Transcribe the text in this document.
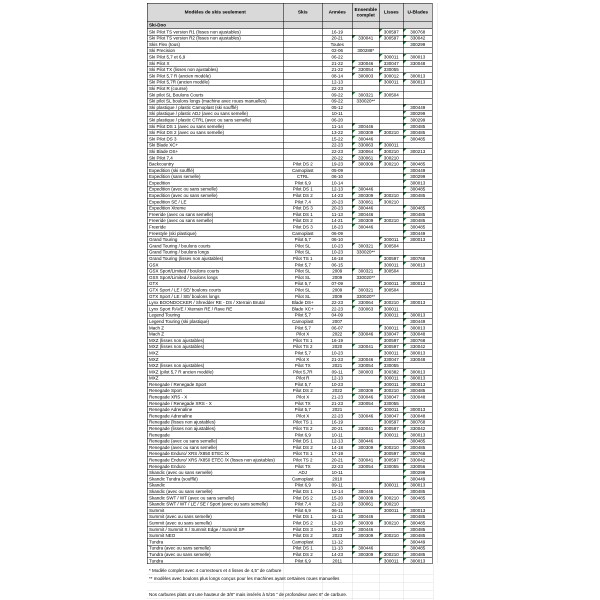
Modèles de skis seulement	Skis	Années	Ensemble complet	Lisses	U-Blades
Ski-Doo					
Ski Pilot TS version R1 (lisses non ajustables)		16-19		300597	300768
Ski Pilot TS version R2 (lisses non ajustables)		20-21	330041	300597	330042
Skis Flex (tous)		Toutes			300299
Ski Precision		02-06	300288*		
Ski Pilot 5,7 et 6,9		06-22		300011	300013
Ski Pilot X		21-22	330046	330047	330048
Ski Pilot TX (lisses non ajustables)		21-22	330054	330055	
Ski Pilot 5,7 R (ancien modèle)		08-14	300003	300012	300013
Ski Pilot 5,7R (ancien modèle)		12-13		300011	300013
Ski Pilot R (course)		22-23			
Ski pilot SL Boulons Courts		09-22	300321	300504	
Ski pilot SL boulons longs (machine avec roues manuelles)		09-22	330020**		
Ski plastique / plastic Camoplast (ski soufflé)		05-12			300449
Ski plastique / plastic ADJ (avec ou sans semelle)		10-11			300299
Ski plastique / plastic CTRL (avec ou sans semelle)		06-20			300299
Ski Pilot DS 1 (avec ou sans semelle)		11-14	300446		300485
Ski Pilot DS 2 (avec ou sans semelle)		13-22	300309	300210	300485
Ski Pilot DS 3		15-22	300446		300485
Ski Blade XC+		22-23	330063	300011	
Ski Blade DS+		22-23	330064	300210	300213
Ski Pilot 7,4		20-22	330061	300210	
Backcountry	Pilot DS 2	19-23	300309	300210	300485
Expedition (ski soufflé)	Camoplast	05-09			300449
Expedition (sans semelle)	CTRL	06-10			300299
Expedition	Pilot 6,9	10-14			300013
Expedition (avec ou sans semelle)	Pilot DS 1	12-13	300446		300485
Expedition (avec ou sans semelle)	Pilot DS 2	14-23	300309	300210	300485
Expedition SE / LE	Pilot 7,4	20-23	330061	300210	
Expedition Xtreme	Pilot DS 3	20-23	300446		300485
Freeride (avec ou sans semelle)	Pilot DS 1	11-13	300446		300485
Freeride (avec ou sans semelle)	Pilot DS 2	14-21	300309	300210	300485
Freeride	Pilot DS 3	18-23	300446		300485
Freestyle (ski plastique)	Camoplast	06-09			300449
Grand Touring	Pilot 5,7	06-10		300011	300013
Grand Touring / boulons courts	Pilot SL	10-23	300321	300504	
Grand Touring / boulons longs	Pilot SL	10-23	330020**		
Grand Touring (lisses non ajustables)	Pilot TS 1	16-18		300597	300768
GSX	Pilot 5,7	06-15		300011	300013
GSX Sport/Limited / boulons courts	Pilot SL	2009	300321	300504	
GSX Sport/Limited / boulons longs	Pilot SL	2009	330020**		
GTX	Pilot 5,7	07-09		300011	300013
GTX Sport / LE / SE/ boulons courts	Pilot SL	2009	300321	300504	
GTX Sport / LE / SE/ boulons longs	Pilot SL	2009	330020**		
Lynx BOONDOCKER / Shredder RE - DS / Xterrain Brutal	Blade DS+	22-23	330064	300210	300013
Lynx Sport RAVE / Xterrain RE / Rave RE	Blade XC+	22-23	330063	300011	
Legend Touring	Pilot 5,7	04-09		300011	300013
Legend Touring (ski plastique)	Camoplast	2007			300449
Mach Z	Pilot 5,7	06-07		300011	300013
Mach Z	Pilot X	2022	330046	330047	330048
MXZ (lisses non ajustables)	Pilot TS 1	16-19		300597	300768
MXZ (lisses non ajustables)	Pilot TS 2	2020	330041	300597	330042
MXZ	Pilot 5,7	10-23		300011	300013
MXZ	Pilot X	21-23	330046	330047	330048
MXZ (lisses non ajustables)	Pilot TX	2021	330054	330055	
MXZ (pilot 5,7 R ancien modèle)	Pilot 5,7R	09-11	300003	300382	300013
MXZ	Pilot R	12-13		300011	300013
Renegade / Renegade Sport	Pilot 5,7	10-23		300011	300013
Renegade Sport	Pilot DS 2	2022	300309	300210	300485
Renegade XRS - X	Pilot X	21-23	330046	330047	330048
Renegade / Renegade XRS - X	Pilot TX	21-23	330054	330055	
Renegade Adrenaline	Pilot 5,7	2021		300011	300013
Renegade Adrenaline	Pilot X	22-23	330046	330047	330048
Renegade (lisses non ajustables)	Pilot TS 1	16-19		300597	300768
Renegade (lisses non ajustables)	Pilot TS 2	20-21	330041	300597	330042
Renegade	Pilot 6,9	10-11		300011	300013
Renegade (avec ou sans semelle)	Pilot DS 1	12-13	300446		300485
Renegade (avec ou sans semelle)	Pilot DS 2	14-18	300309	300210	300485
Renegade Enduro/ XRS /X850 ETEC /X	Pilot TS 1	17-19		300597	300768
Renegade Enduro/ XRS /X850 ETEC /X (lisses non ajustables)	Pilot TS 2	20-21	330041	300597	330042
Renegade Enduro	Pilot TX	22-23	330054	330055	330056
Skandic (avec ou sans semelle)	ADJ	10-11			300299
Skandic Tundra (soufflé)	Camoplast	2010			300449
Skandic	Pilot 6,9	09-11		300011	300013
Skandic (avec ou sans semelle)	Pilot DS 1	12-14	300446		300485
Skandic SWT / WT (avec ou sans semelle)	Pilot DS 2	15-20	300309	300210	300485
Skandic SWT / WT / LE / SE / Sport (avec ou sans semelle)	Pilot 7,4	21-23	330061	300210	
Summit	Pilot 6,9	06-11		300011	300013
Summit (avec ou sans semelle)	Pilot DS 1	11-13	300446		300485
Summit (avec ou sans semelle)	Pilot DS 2	13-20	300309	300210	300485
Summit / Summit X / Summit Edge / Summit SP	Pilot DS 3	15-23	300446		300485
Summit NEO	Pilot DS 2	2023	300309	300210	300485
Tundra	Camoplast	11-12			300449
Tundra (avec ou sans semelle)	Pilot DS 1	11-13	300446		300485
Tundra (avec ou sans semelle)	Pilot DS 2	14-23	300309	300210	300485
Tundra	Pilot 6,9	2011		300011	300013
* Modèle complet avec 4 correcteurs et 4 lisses de 4,5" de carbure
** modèles avec boulons plus longs conçus pour les machines ayant certaines roues manuelles
Nos carbures plats ont une hauteur de 3/8" mais insérés à 5/16 " de profondeur avec 6" de carbure.
